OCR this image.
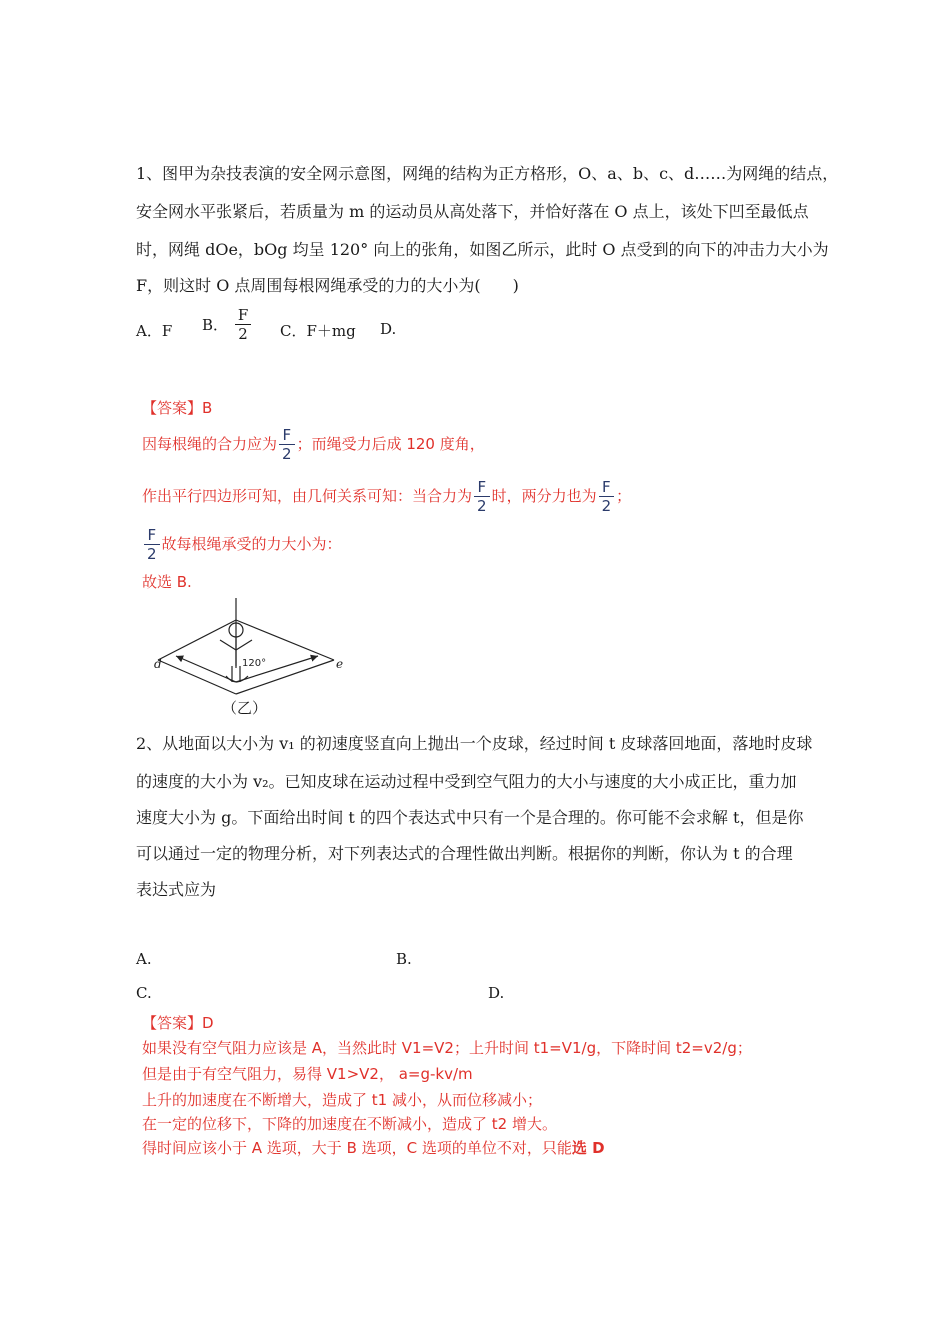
1、图甲为杂技表演的安全网示意图，网绳的结构为正方格形，O、a、b、c、d……为网绳的结点，
安全网水平张紧后，若质量为 m 的运动员从高处落下，并恰好落在 O 点上，该处下凹至最低点
时，网绳 dOe，bOg 均呈 120° 向上的张角，如图乙所示，此时 O 点受到的向下的冲击力大小为
F，则这时 O 点周围每根网绳承受的力的大小为(　　)
A．F B． $\frac{F}{2}$ C．F＋mg D.
【答案】B
因每根绳的合力应为 $\frac{F}{2}$ ；而绳受力后成 120 度角，
作出平行四边形可知，由几何关系可知：当合力为 $\frac{F}{2}$ 时，两分力也为 $\frac{F}{2}$ ；
$\frac{F}{2}$ 故每根绳承受的力大小为：
故选 B.
d	e
120°
（乙）
2、从地面以大小为 v₁ 的初速度竖直向上抛出一个皮球，经过时间 t 皮球落回地面，落地时皮球
的速度的大小为 v₂。已知皮球在运动过程中受到空气阻力的大小与速度的大小成正比，重力加
速度大小为 g。下面给出时间 t 的四个表达式中只有一个是合理的。你可能不会求解 t，但是你
可以通过一定的物理分析，对下列表达式的合理性做出判断。根据你的判断，你认为 t 的合理
表达式应为
A.	B.
C.	D.
【答案】D
如果没有空气阻力应该是 A，当然此时 V1=V2；上升时间 t1=V1/g，下降时间 t2=v2/g；
但是由于有空气阻力，易得 V1>V2， a=g-kv/m
上升的加速度在不断增大，造成了 t1 减小，从而位移减小；
在一定的位移下，下降的加速度在不断减小，造成了 t2 增大。
得时间应该小于 A 选项，大于 B 选项，C 选项的单位不对，只能选 D
